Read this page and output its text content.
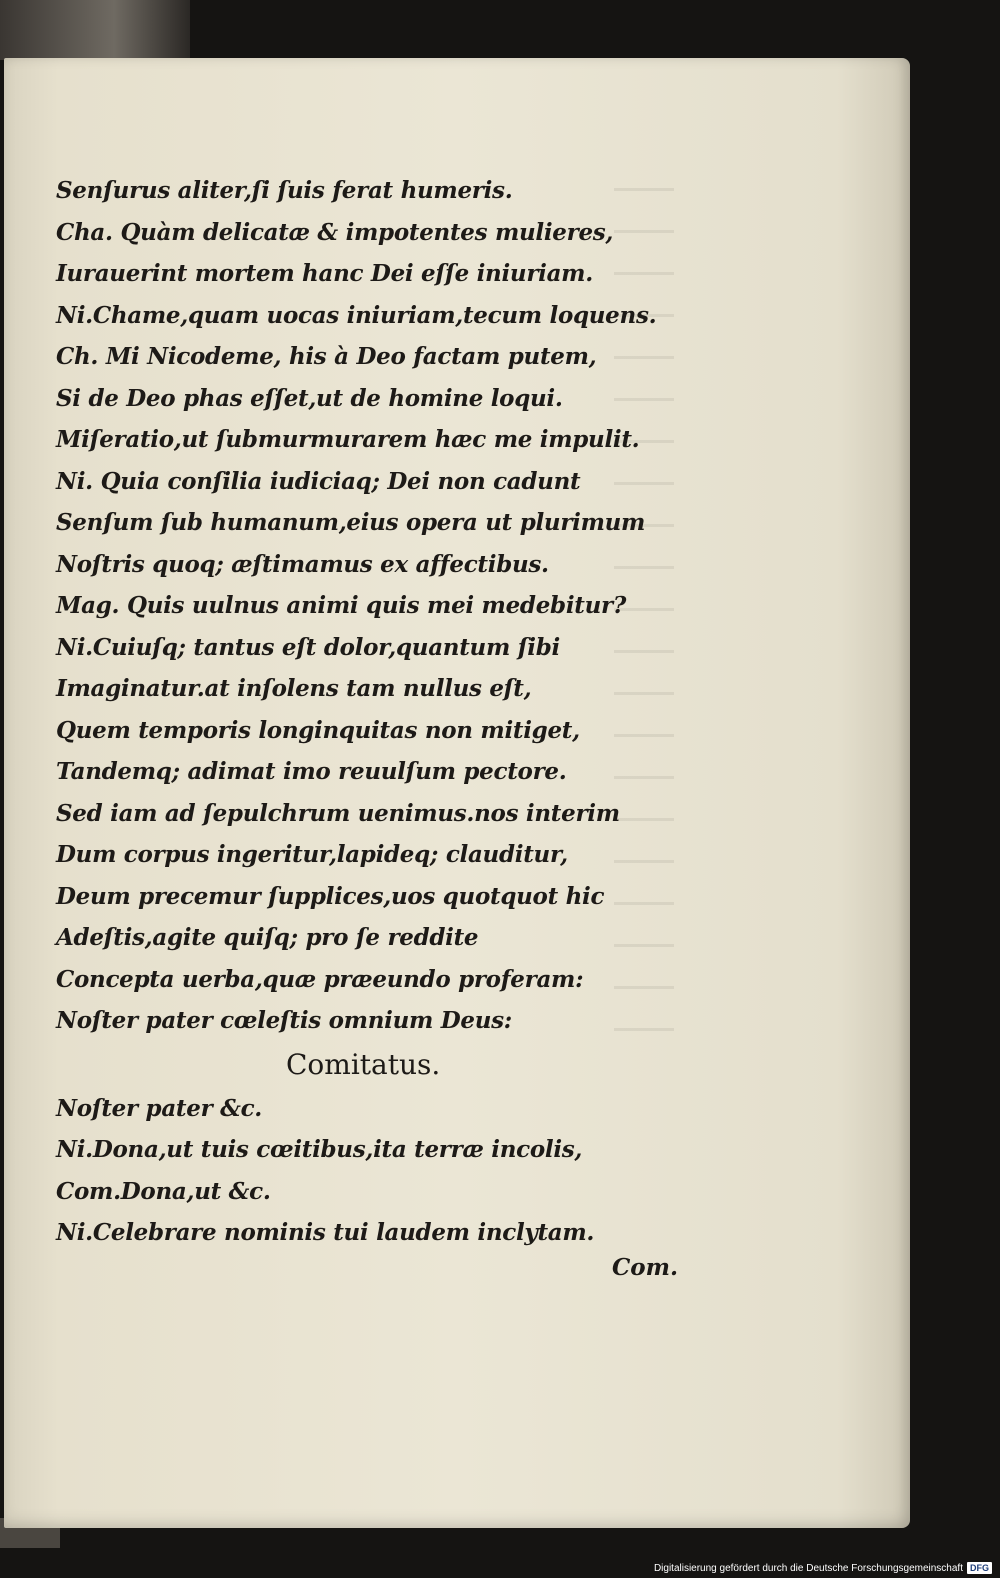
Senſurus aliter,ſi ſuis ferat humeris.
Cha. Quàm delicatæ & impotentes mulieres,
Iurauerint mortem hanc Dei eſſe iniuriam.
Ni.Chame,quam uocas iniuriam,tecum loquens.
Ch. Mi Nicodeme, his à Deo factam putem,
Si de Deo phas eſſet,ut de homine loqui.
Miſeratio,ut ſubmurmurarem hæc me impulit.
Ni. Quia conſilia iudiciaq; Dei non cadunt
Senſum ſub humanum,eius opera ut plurimum
Noſtris quoq; æſtimamus ex affectibus.
Mag. Quis uulnus animi quis mei medebitur?
Ni.Cuiuſq; tantus eſt dolor,quantum ſibi
Imaginatur.at inſolens tam nullus eſt,
Quem temporis longinquitas non mitiget,
Tandemq; adimat imo reuulſum pectore.
Sed iam ad ſepulchrum uenimus.nos interim
Dum corpus ingeritur,lapideq; clauditur,
Deum precemur ſupplices,uos quotquot hic
Adeſtis,agite quiſq; pro ſe reddite
Concepta uerba,quæ præeundo proferam:
Noſter pater cœleſtis omnium Deus:
Comitatus.
Noſter pater &c.
Ni.Dona,ut tuis cœitibus,ita terræ incolis,
Com.Dona,ut &c.
Ni.Celebrare nominis tui laudem inclytam.
Com.
Digitalisierung gefördert durch die Deutsche Forschungsgemeinschaft DFG
